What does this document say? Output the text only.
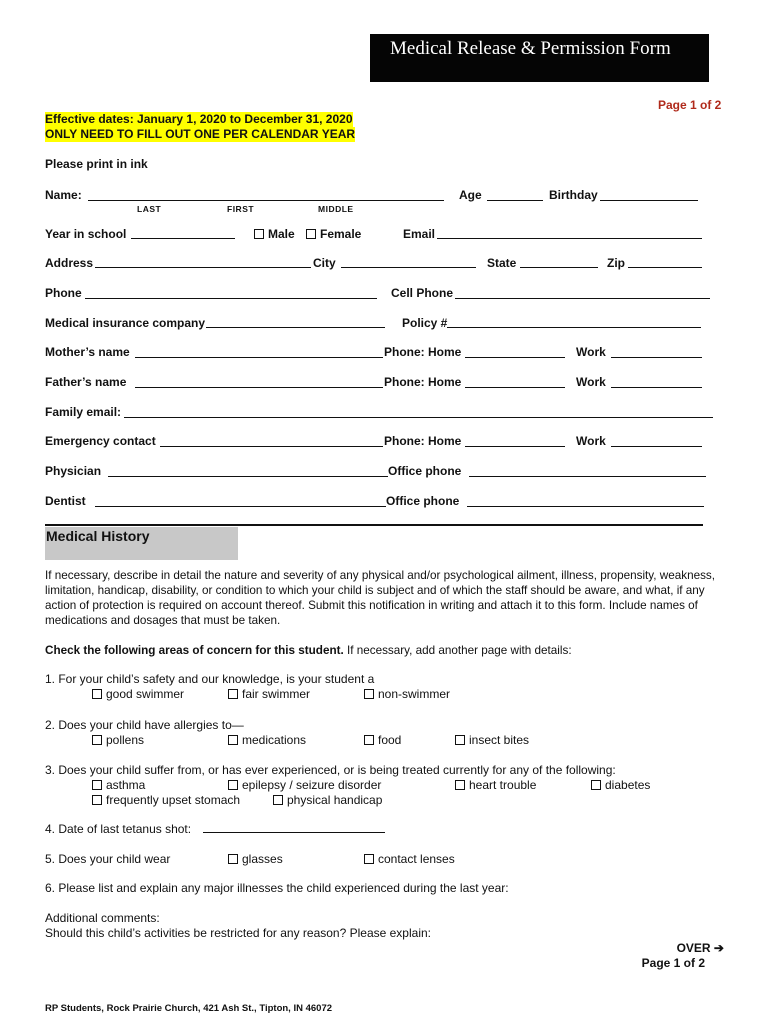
Medical Release & Permission Form
Page 1 of 2
Effective dates: January 1, 2020 to December 31, 2020
ONLY NEED TO FILL OUT ONE PER CALENDAR YEAR
Please print in ink
Name:	Age	Birthday
LAST	FIRST	MIDDLE
Year in school	Male	Female	Email
Address	City	State	Zip
Phone	Cell Phone
Medical insurance company	Policy #
Mother’s name	Phone: Home	Work
Father’s name	Phone: Home	Work
Family email:
Emergency contact	Phone: Home	Work
Physician	Office phone
Dentist	Office phone
Medical History
If necessary, describe in detail the nature and severity of any physical and/or psychological ailment, illness, propensity, weakness, limitation, handicap, disability, or condition to which your child is subject and of which the staff should be aware, and what, if any action of protection is required on account thereof. Submit this notification in writing and attach it to this form. Include names of medications and dosages that must be taken.
Check the following areas of concern for this student. If necessary, add another page with details:
1. For your child’s safety and our knowledge, is your student a
good swimmer	fair swimmer	non-swimmer
2. Does your child have allergies to—
pollens	medications	food	insect bites
3. Does your child suffer from, or has ever experienced, or is being treated currently for any of the following:
asthma	epilepsy / seizure disorder	heart trouble	diabetes
frequently upset stomach	physical handicap
4. Date of last tetanus shot:
5. Does your child wear	glasses	contact lenses
6. Please list and explain any major illnesses the child experienced during the last year:
Additional comments:
Should this child’s activities be restricted for any reason? Please explain:
OVER ➔
Page 1 of 2
RP Students, Rock Prairie Church, 421 Ash St., Tipton, IN 46072
